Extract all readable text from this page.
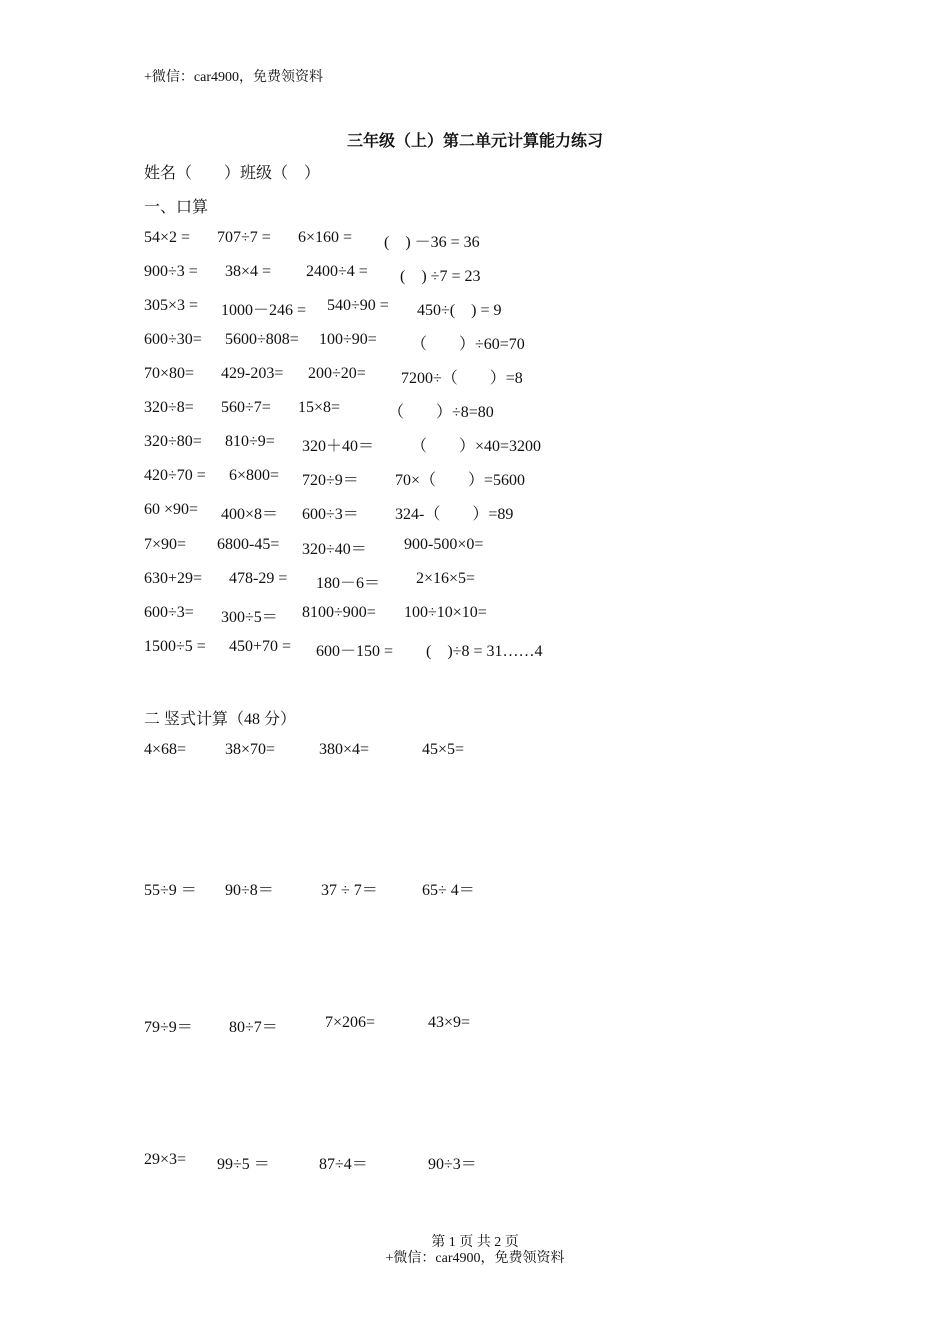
+微信：car4900，免费领资料
三年级（上）第二单元计算能力练习
姓名（　　）班级（　）
一、口算
54×2 = 707÷7 = 6×160 = (　) －36 = 36
900÷3 = 38×4 = 2400÷4 = (　) ÷7 = 23
305×3 = 1000－246 = 540÷90 = 450÷(　) = 9
600÷30= 5600÷808= 100÷90= （　　）÷60=70
70×80= 429-203= 200÷20= 7200÷（　　）=8
320÷8= 560÷7= 15×8=	（　　）÷8=80
320÷80= 810÷9= 320＋40＝ （　　）×40=3200
420÷70 = 6×800= 720÷9＝ 70×（　　）=5600
60 ×90= 400×8＝ 600÷3＝ 324-（　　）=89
7×90= 6800-45= 320÷40＝ 900-500×0=
630+29= 478-29 = 180－6＝ 2×16×5=
600÷3= 300÷5＝ 8100÷900= 100÷10×10=
1500÷5 = 450+70 = 600－150 = (　)÷8 = 31……4
二 竖式计算（48 分）
4×68= 38×70=	380×4=	45×5=
55÷9 ＝ 90÷8＝	37 ÷ 7＝	65÷ 4＝
79÷9＝ 80÷7＝	7×206=	43×9=
29×3= 99÷5 ＝	87÷4＝	90÷3＝
第 1 页 共 2 页
+微信：car4900，免费领资料
